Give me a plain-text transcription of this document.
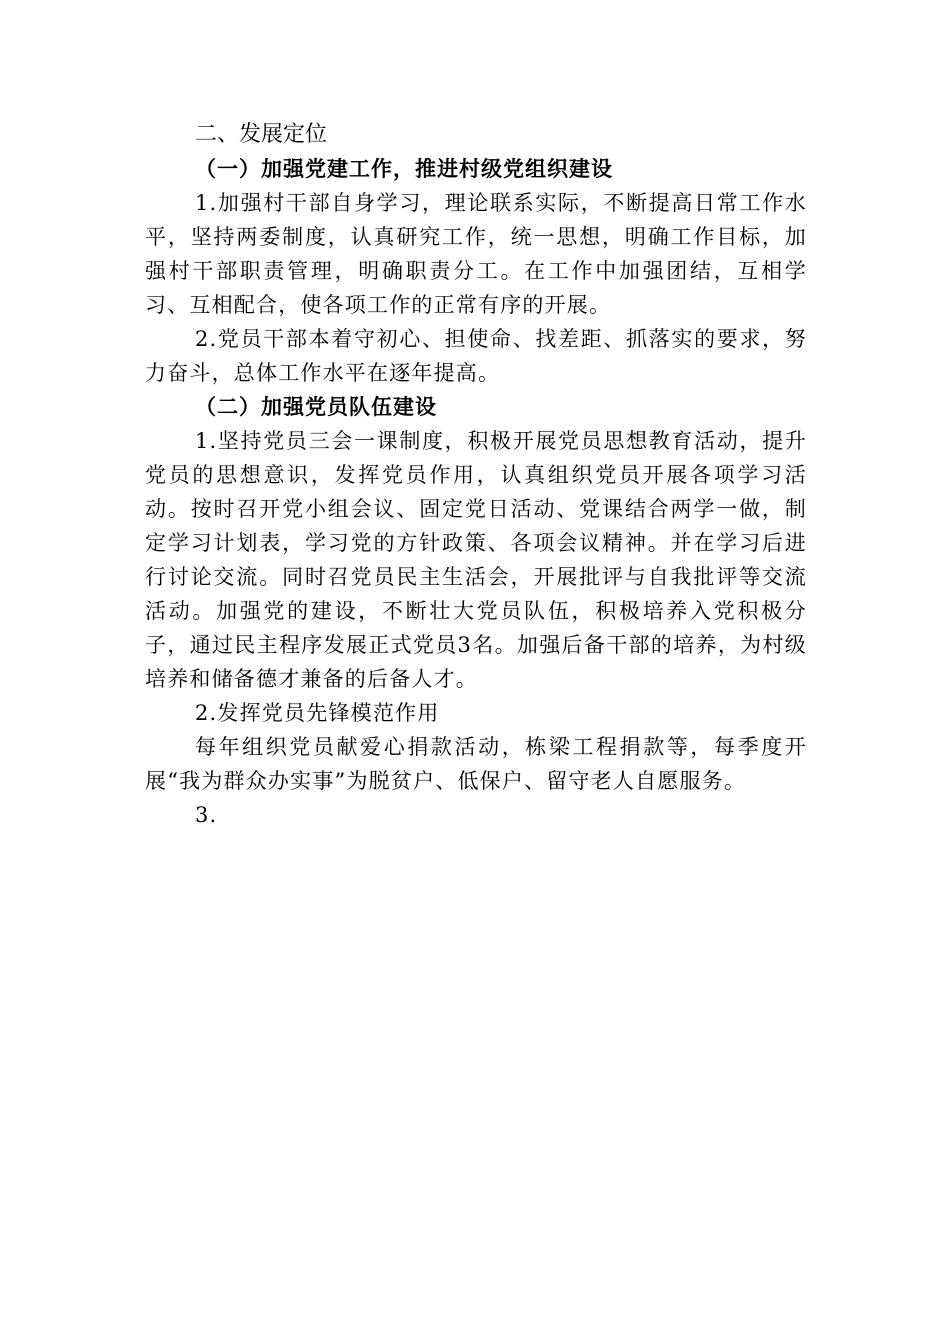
二、发展定位

（一）加强党建工作，推进村级党组织建设

1.加强村干部自身学习，理论联系实际，不断提高日常工作水平，坚持两委制度，认真研究工作，统一思想，明确工作目标，加强村干部职责管理，明确职责分工。在工作中加强团结，互相学习、互相配合，使各项工作的正常有序的开展。

2.党员干部本着守初心、担使命、找差距、抓落实的要求，努力奋斗，总体工作水平在逐年提高。

（二）加强党员队伍建设

1.坚持党员三会一课制度，积极开展党员思想教育活动，提升党员的思想意识，发挥党员作用，认真组织党员开展各项学习活动。按时召开党小组会议、固定党日活动、党课结合两学一做，制定学习计划表，学习党的方针政策、各项会议精神。并在学习后进行讨论交流。同时召党员民主生活会，开展批评与自我批评等交流活动。加强党的建设，不断壮大党员队伍，积极培养入党积极分子，通过民主程序发展正式党员3名。加强后备干部的培养，为村级培养和储备德才兼备的后备人才。

2.发挥党员先锋模范作用

每年组织党员献爱心捐款活动，栋梁工程捐款等，每季度开展“我为群众办实事”为脱贫户、低保户、留守老人自愿服务。

3.
